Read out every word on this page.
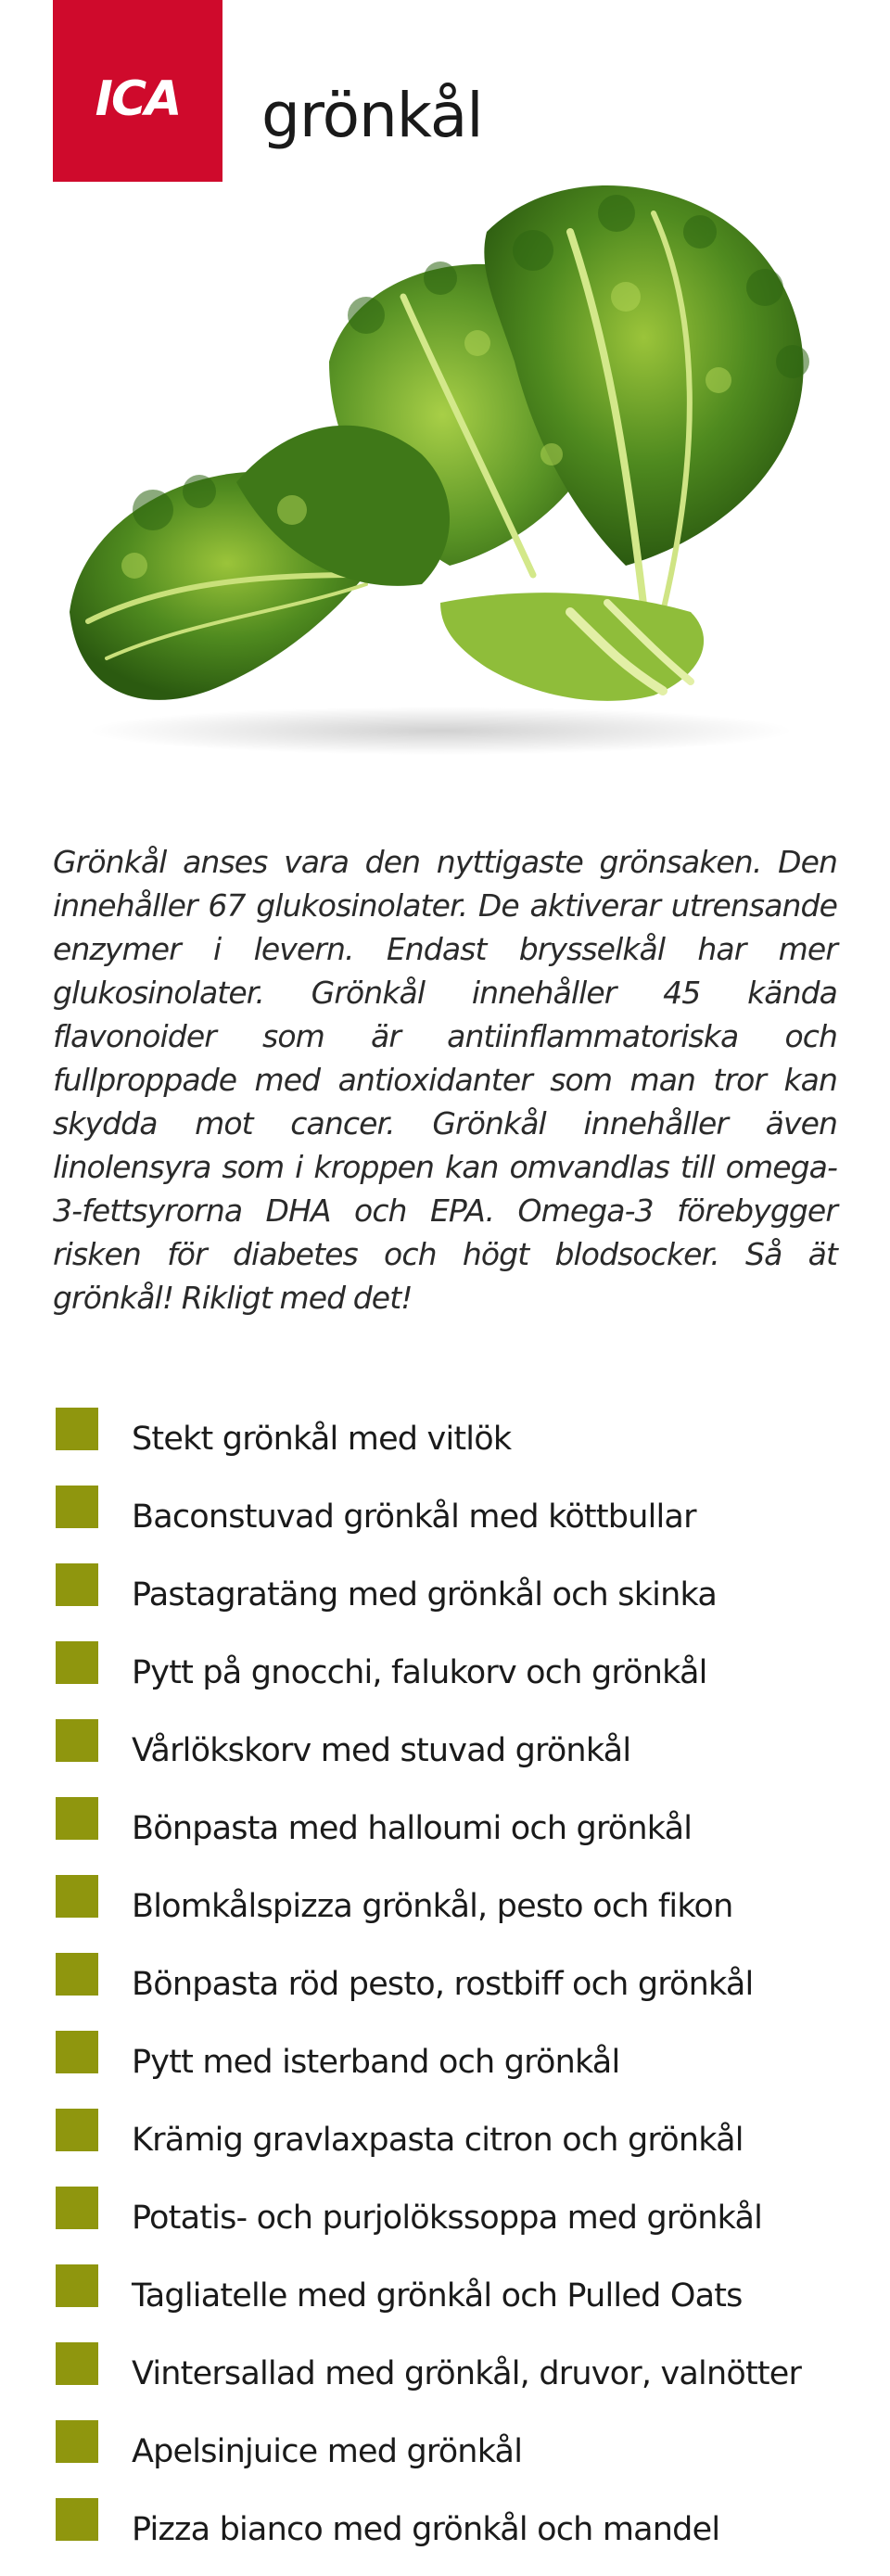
ICA grönkål

Grönkål anses vara den nyttigaste grönsaken. Den innehåller 67 glukosinolater. De aktiverar utrensande enzymer i levern. Endast brysselkål har mer glukosinolater. Grönkål innehåller 45 kända flavonoider som är antiinflammatoriska och fullproppade med antioxidanter som man tror kan skydda mot cancer. Grönkål innehåller även linolensyra som i kroppen kan omvandlas till omega-3-fettsyrorna DHA och EPA. Omega-3 förebygger risken för diabetes och högt blodsocker. Så ät grönkål! Rikligt med det!

Stekt grönkål med vitlök
Baconstuvad grönkål med köttbullar
Pastagratäng med grönkål och skinka
Pytt på gnocchi, falukorv och grönkål
Vårlökskorv med stuvad grönkål
Bönpasta med halloumi och grönkål
Blomkålspizza grönkål, pesto och fikon
Bönpasta röd pesto, rostbiff och grönkål
Pytt med isterband och grönkål
Krämig gravlaxpasta citron och grönkål
Potatis- och purjolökssoppa med grönkål
Tagliatelle med grönkål och Pulled Oats
Vintersallad med grönkål, druvor, valnötter
Apelsinjuice med grönkål
Pizza bianco med grönkål och mandel
